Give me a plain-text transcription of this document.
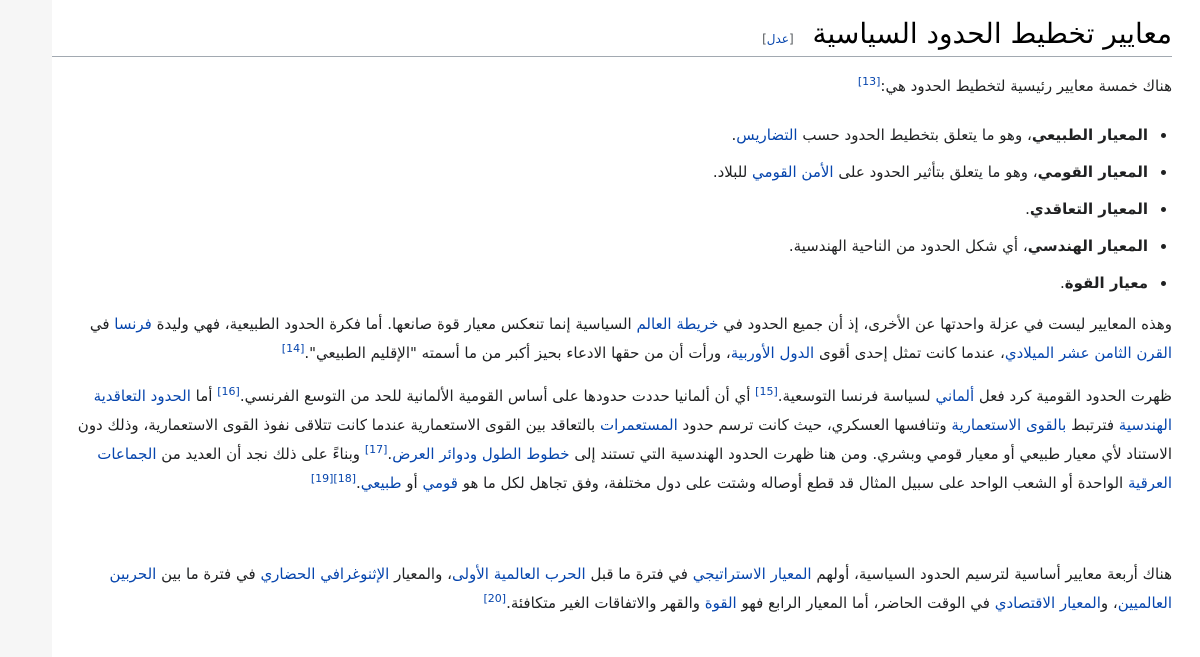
معايير تخطيط الحدود السياسية [عدل]
هناك خمسة معايير رئيسية لتخطيط الحدود هي:[13]
المعيار الطبيعي، وهو ما يتعلق بتخطيط الحدود حسب التضاريس.
المعيار القومي، وهو ما يتعلق بتأثير الحدود على الأمن القومي للبلاد.
المعيار التعاقدي.
المعيار الهندسي، أي شكل الحدود من الناحية الهندسية.
معيار القوة.
وهذه المعايير ليست في عزلة واحدتها عن الأخرى، إذ أن جميع الحدود في خريطة العالم السياسية إنما تنعكس معيار قوة صانعها. أما فكرة الحدود الطبيعية، فهي وليدة فرنسا في القرن الثامن عشر الميلادي، عندما كانت تمثل إحدى أقوى الدول الأوربية، ورأت أن من حقها الادعاء بحيز أكبر من ما أسمته "الإقليم الطبيعي".[14]
ظهرت الحدود القومية كرد فعل ألماني لسياسة فرنسا التوسعية.[15] أي أن ألمانيا حددت حدودها على أساس القومية الألمانية للحد من التوسع الفرنسي.[16] أما الحدود التعاقدية الهندسية فترتبط بالقوى الاستعمارية وتنافسها العسكري، حيث كانت ترسم حدود المستعمرات بالتعاقد بين القوى الاستعمارية عندما كانت تتلاقى نفوذ القوى الاستعمارية، وذلك دون الاستناد لأي معيار طبيعي أو معيار قومي وبشري. ومن هنا ظهرت الحدود الهندسية التي تستند إلى خطوط الطول ودوائر العرض.[17] وبناءً على ذلك نجد أن العديد من الجماعات العرقية الواحدة أو الشعب الواحد على سبيل المثال قد قطع أوصاله وشتت على دول مختلفة، وفق تجاهل لكل ما هو قومي أو طبيعي.[18][19]
هناك أربعة معايير أساسية لترسيم الحدود السياسية، أولهم المعيار الاستراتيجي في فترة ما قبل الحرب العالمية الأولى، والمعيار الإثنوغرافي الحضاري في فترة ما بين الحربين العالميين، والمعيار الاقتصادي في الوقت الحاضر، أما المعيار الرابع فهو القوة والقهر والاتفاقات الغير متكافئة.[20]
